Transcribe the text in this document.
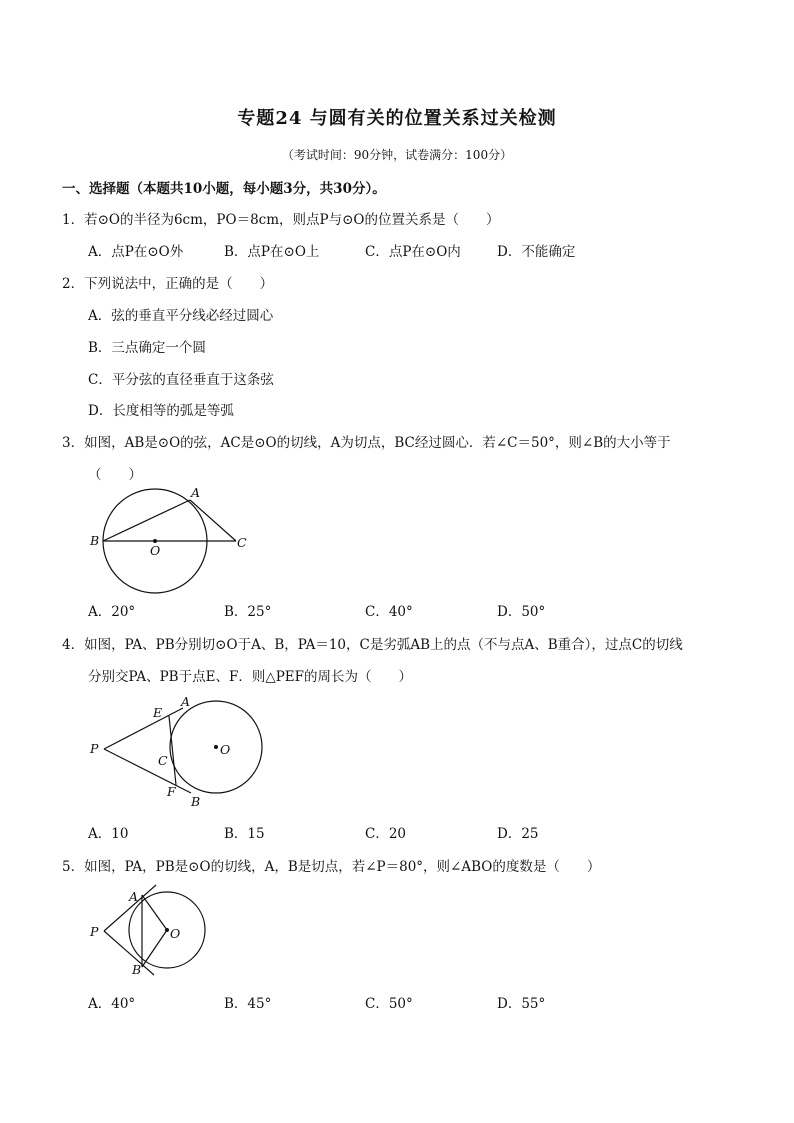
专题24 与圆有关的位置关系过关检测
（考试时间：90分钟，试卷满分：100分）
一、选择题（本题共10小题，每小题3分，共30分）。
1．若⊙O的半径为6cm，PO＝8cm，则点P与⊙O的位置关系是（　　）
A．点P在⊙O外	B．点P在⊙O上	C．点P在⊙O内	D．不能确定
2．下列说法中，正确的是（　　）
A．弦的垂直平分线必经过圆心
B．三点确定一个圆
C．平分弦的直径垂直于这条弦
D．长度相等的弧是等弧
3．如图，AB是⊙O的弦，AC是⊙O的切线，A为切点，BC经过圆心．若∠C＝50°，则∠B的大小等于
（　　）
A
B	C
O
A．20°	B．25°	C．40°	D．50°
4．如图，PA、PB分别切⊙O于A、B，PA＝10，C是劣弧AB上的点（不与点A、B重合），过点C的切线
分别交PA、PB于点E、F．则△PEF的周长为（　　）
P
E
A
C
O
F
B
A．10	B．15	C．20	D．25
5．如图，PA，PB是⊙O的切线，A，B是切点，若∠P＝80°，则∠ABO的度数是（　　）
A
P	O
B
A．40°	B．45°	C．50°	D．55°
